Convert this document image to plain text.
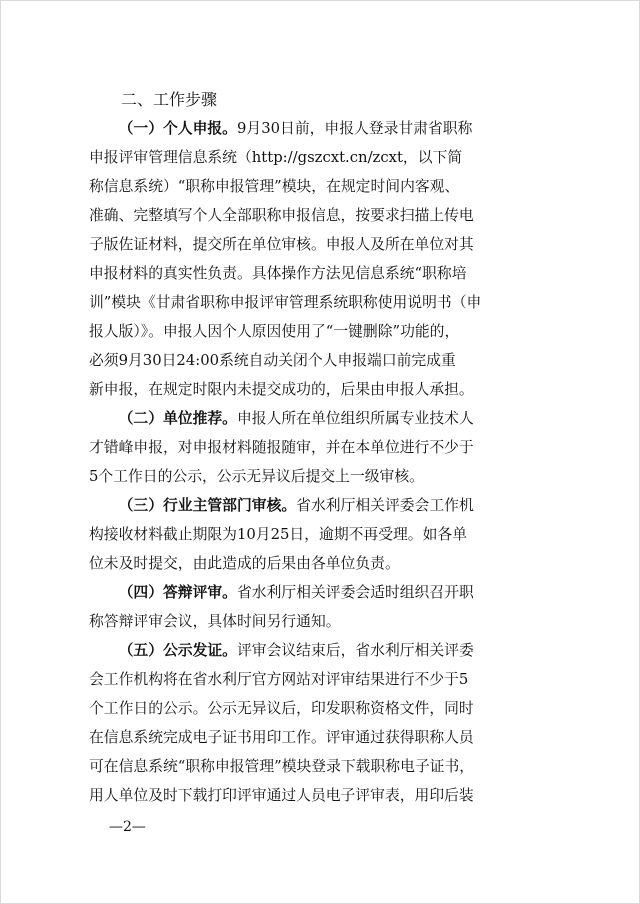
二、工作步骤
（一）个人申报。9月30日前，申报人登录甘肃省职称
申报评审管理信息系统（http://gszcxt.cn/zcxt，以下简
称信息系统）“职称申报管理”模块，在规定时间内客观、
准确、完整填写个人全部职称申报信息，按要求扫描上传电
子版佐证材料，提交所在单位审核。申报人及所在单位对其
申报材料的真实性负责。具体操作方法见信息系统“职称培
训”模块《甘肃省职称申报评审管理系统职称使用说明书（申
报人版）》。申报人因个人原因使用了“一键删除”功能的，
必须9月30日24:00系统自动关闭个人申报端口前完成重
新申报，在规定时限内未提交成功的，后果由申报人承担。
（二）单位推荐。申报人所在单位组织所属专业技术人
才错峰申报，对申报材料随报随审，并在本单位进行不少于
5个工作日的公示，公示无异议后提交上一级审核。
（三）行业主管部门审核。省水利厅相关评委会工作机
构接收材料截止期限为10月25日，逾期不再受理。如各单
位未及时提交，由此造成的后果由各单位负责。
（四）答辩评审。省水利厅相关评委会适时组织召开职
称答辩评审会议，具体时间另行通知。
（五）公示发证。评审会议结束后，省水利厅相关评委
会工作机构将在省水利厅官方网站对评审结果进行不少于5
个工作日的公示。公示无异议后，印发职称资格文件，同时
在信息系统完成电子证书用印工作。评审通过获得职称人员
可在信息系统“职称申报管理”模块登录下载职称电子证书，
用人单位及时下载打印评审通过人员电子评审表，用印后装
—2—
